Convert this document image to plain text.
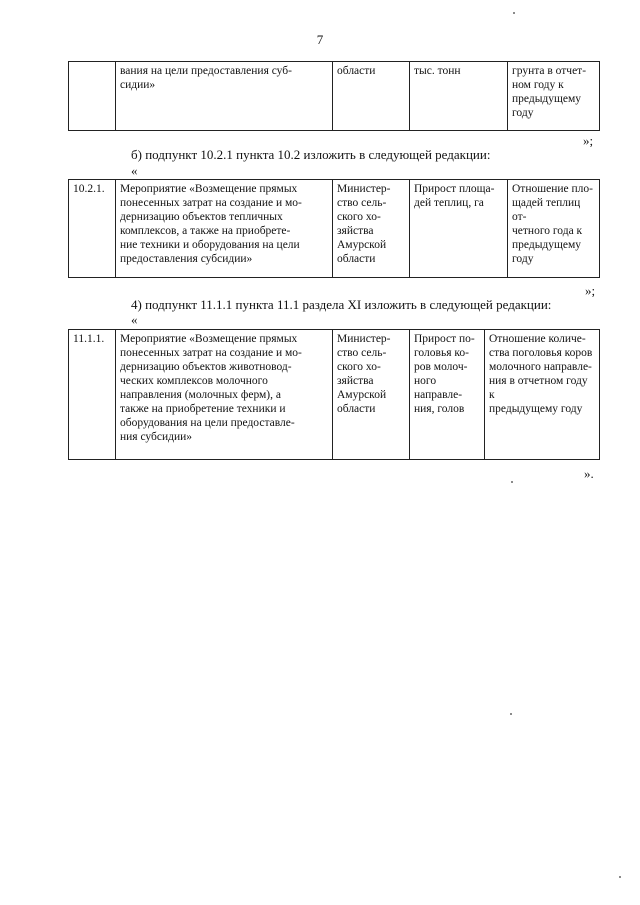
7
	вания на цели предоставления суб-
сидии»	области	тыс. тонн	грунта в отчет-
ном году к
предыдущему
году
»;
б) подпункт 10.2.1 пункта 10.2 изложить в следующей редакции:
«
10.2.1.	Мероприятие «Возмещение прямых
понесенных затрат на создание и мо-
дернизацию объектов тепличных
комплексов, а также на приобрете-
ние техники и оборудования на цели
предоставления субсидии»	Министер-
ство сель-
ского хо-
зяйства
Амурской
области	Прирост площа-
дей теплиц, га	Отношение пло-
щадей теплиц от-
четного года к
предыдущему
году
»;
4) подпункт 11.1.1 пункта 11.1 раздела XI изложить в следующей редакции:
«
11.1.1.	Мероприятие «Возмещение прямых
понесенных затрат на создание и мо-
дернизацию объектов животновод-
ческих комплексов молочного
направления (молочных ферм), а
также на приобретение техники и
оборудования на цели предоставле-
ния субсидии»	Министер-
ство сель-
ского хо-
зяйства
Амурской
области	Прирост по-
головья ко-
ров молоч-
ного
направле-
ния, голов	Отношение количе-
ства поголовья коров
молочного направле-
ния в отчетном году к
предыдущему году
».
